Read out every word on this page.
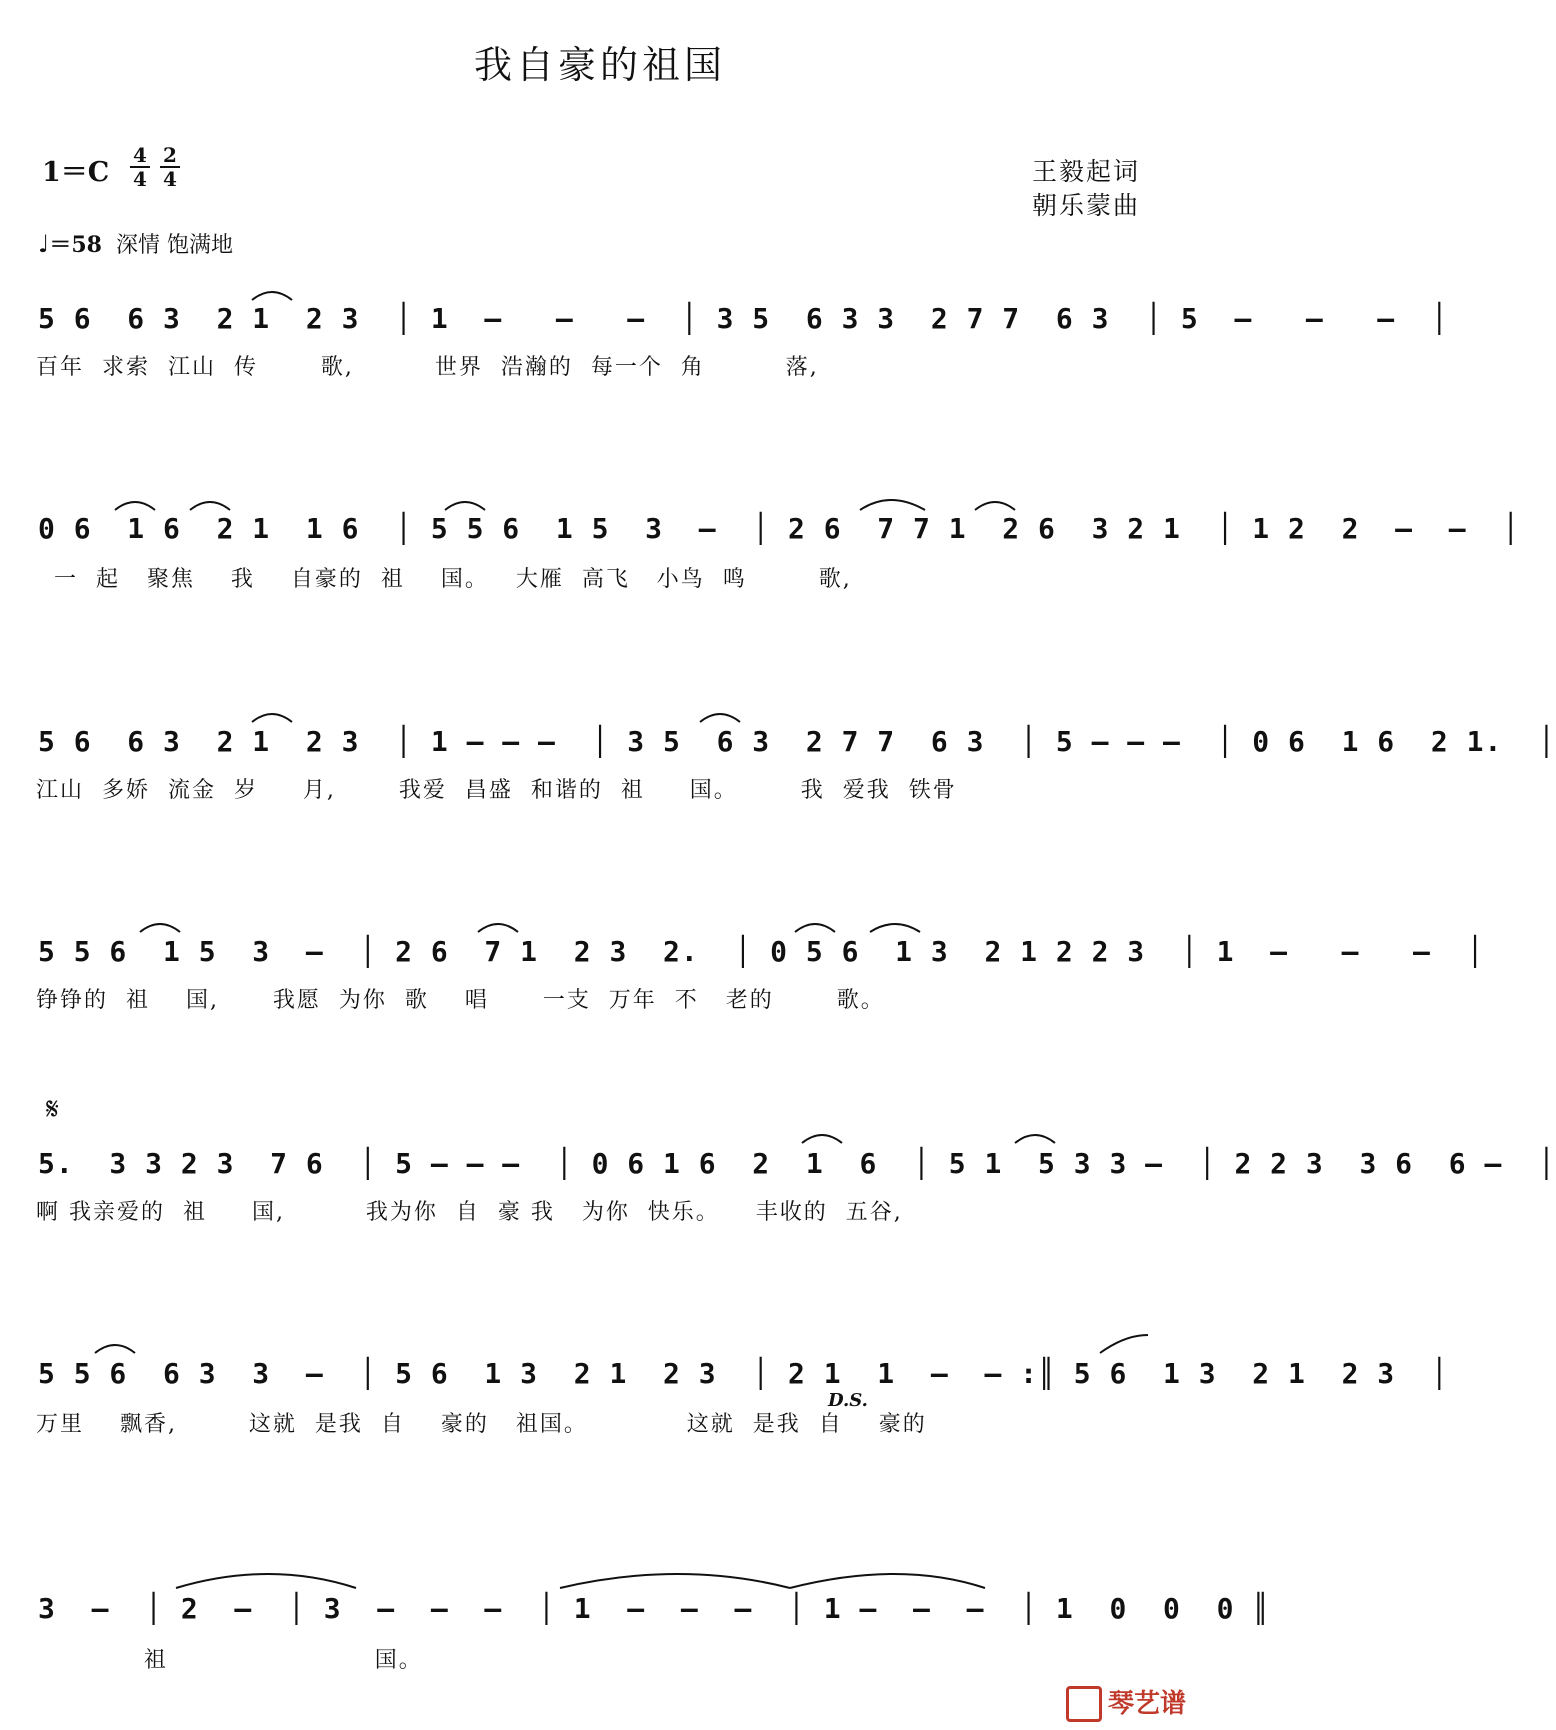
我自豪的祖国
1＝C
4
4
2
4	王毅起词
朝乐蒙曲
♩＝58 深情 饱满地
5 6  6 3  2 1  2 3  │ 1  –   –   –  │ 3 5  6 3 3  2 7 7  6 3  │ 5  –   –   –  │
百年  求索  江山  传       歌,         世界  浩瀚的  每一个  角         落,
0 6  1 6  2 1  1 6  │ 5 5 6  1 5  3  –  │ 2 6  7 7 1  2 6  3 2 1  │ 1 2  2  –  –  │
一  起   聚焦    我    自豪的  祖    国。   大雁  高飞   小鸟  鸣        歌,
5 6  6 3  2 1  2 3  │ 1 – – –  │ 3 5  6 3  2 7 7  6 3  │ 5 – – –  │ 0 6  1 6  2 1.  │
江山  多娇  流金  岁     月,       我爱  昌盛  和谐的  祖     国。       我  爱我  铁骨
5 5 6  1 5  3  –  │ 2 6  7 1  2 3  2.  │ 0 5 6  1 3  2 1 2 2 3  │ 1  –   –   –  │
铮铮的  祖    国,      我愿  为你  歌    唱      一支  万年  不   老的       歌。
𝄋
5.  3 3 2 3  7 6  │ 5 – – –  │ 0 6 1 6  2  1  6  │ 5 1  5 3 3 –  │ 2 2 3  3 6  6 –  │
啊 我亲爱的  祖     国,         我为你  自  豪 我   为你  快乐。    丰收的  五谷,
5 5 6  6 3  3  –  │ 5 6  1 3  2 1  2 3  │ 2 1  1  –  – :║ 5 6  1 3  2 1  2 3  │
万里    飘香,        这就  是我  自    豪的   祖国。           这就  是我  自    豪的
D.S.
3  –  │ 2  –  │ 3  –  –  –  │ 1  –  –  –  │ 1 –  –  –  │ 1  0  0  0 ║
祖                       国。
琴艺谱
